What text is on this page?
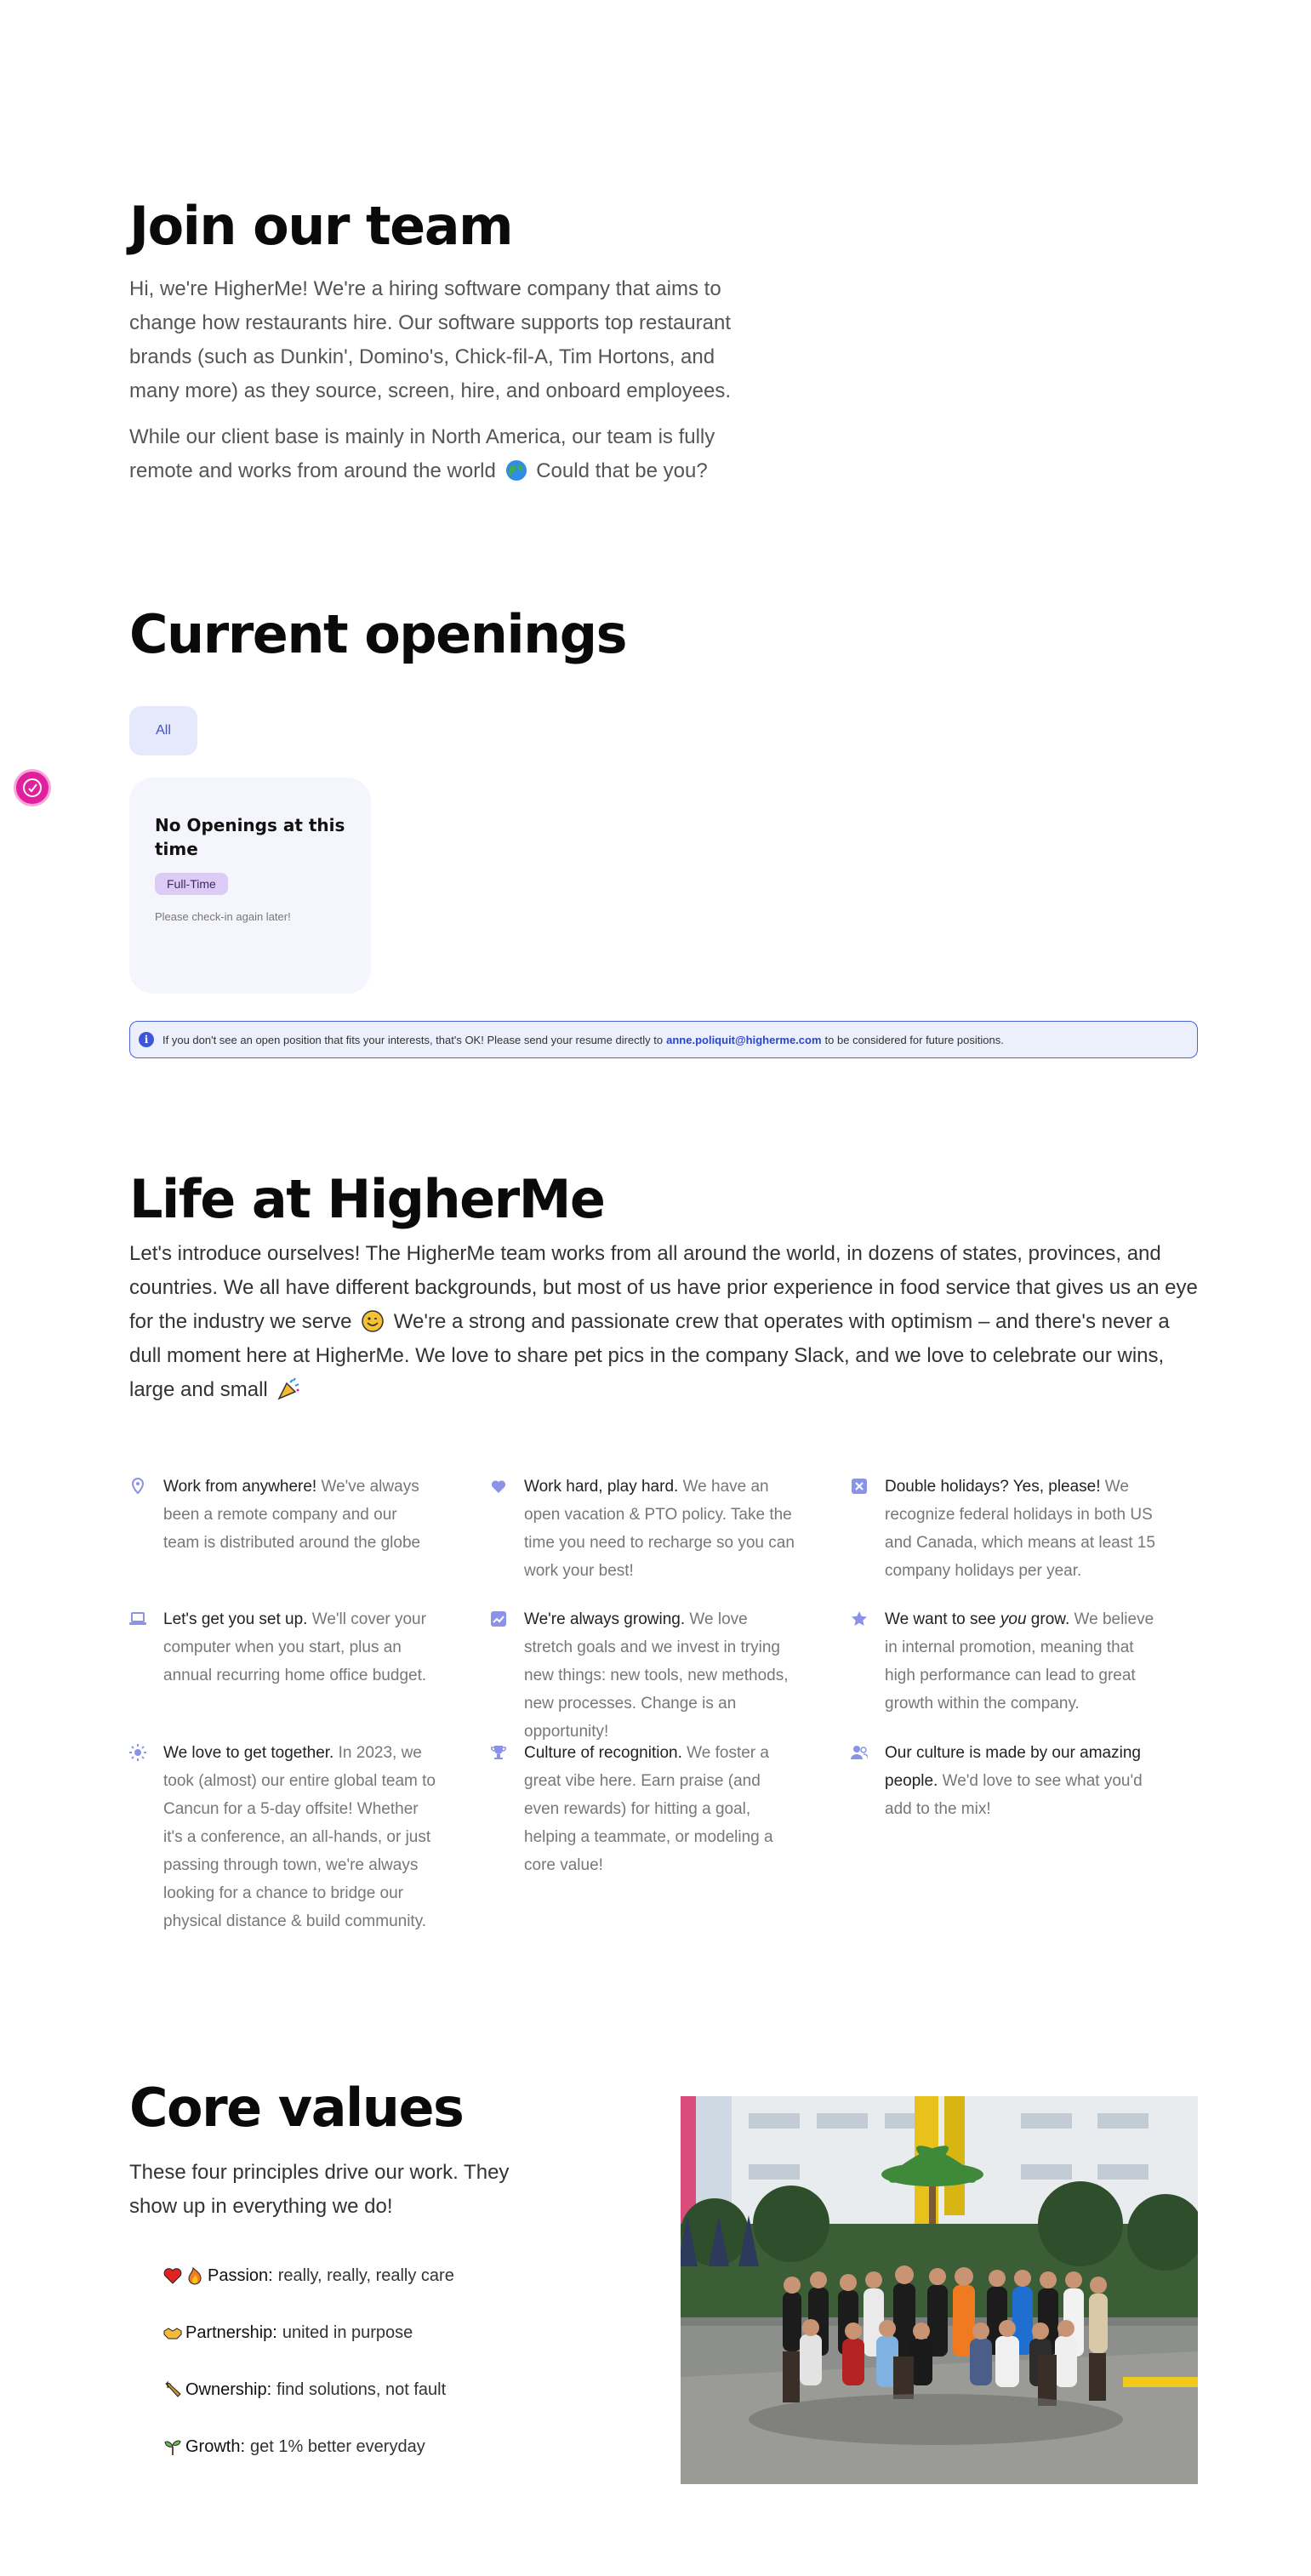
Join our team

Hi, we're HigherMe! We're a hiring software company that aims to change how restaurants hire. Our software supports top restaurant brands (such as Dunkin', Domino's, Chick-fil-A, Tim Hortons, and many more) as they source, screen, hire, and onboard employees.

While our client base is mainly in North America, our team is fully remote and works from around the world Could that be you?

Current openings
All
No Openings at this time
Full-Time
Please check-in again later!
i	If you don't see an open position that fits your interests, that's OK! Please send your resume directly to anne.poliquit@higherme.com to be considered for future positions.
Life at HigherMe

Let's introduce ourselves! The HigherMe team works from all around the world, in dozens of states, provinces, and countries. We all have different backgrounds, but most of us have prior experience in food service that gives us an eye for the industry we serve We're a strong and passionate crew that operates with optimism – and there's never a dull moment here at HigherMe. We love to share pet pics in the company Slack, and we love to celebrate our wins, large and small

Work from anywhere! We've always been a remote company and our team is distributed around the globe
Work hard, play hard. We have an open vacation & PTO policy. Take the time you need to recharge so you can work your best!
Double holidays? Yes, please! We recognize federal holidays in both US and Canada, which means at least 15 company holidays per year.
Let's get you set up. We'll cover your computer when you start, plus an annual recurring home office budget.
We're always growing. We love stretch goals and we invest in trying new things: new tools, new methods, new processes. Change is an opportunity!
We want to see you grow. We believe in internal promotion, meaning that high performance can lead to great growth within the company.
We love to get together. In 2023, we took (almost) our entire global team to Cancun for a 5-day offsite! Whether it's a conference, an all-hands, or just passing through town, we're always looking for a chance to bridge our physical distance & build community.
Culture of recognition. We foster a great vibe here. Earn praise (and even rewards) for hitting a goal, helping a teammate, or modeling a core value!
Our culture is made by our amazing people. We'd love to see what you'd add to the mix!
Core values

These four principles drive our work. They show up in everything we do!

Passion: really, really, really care
Partnership: united in purpose
Ownership: find solutions, not fault
Growth: get 1% better everyday
